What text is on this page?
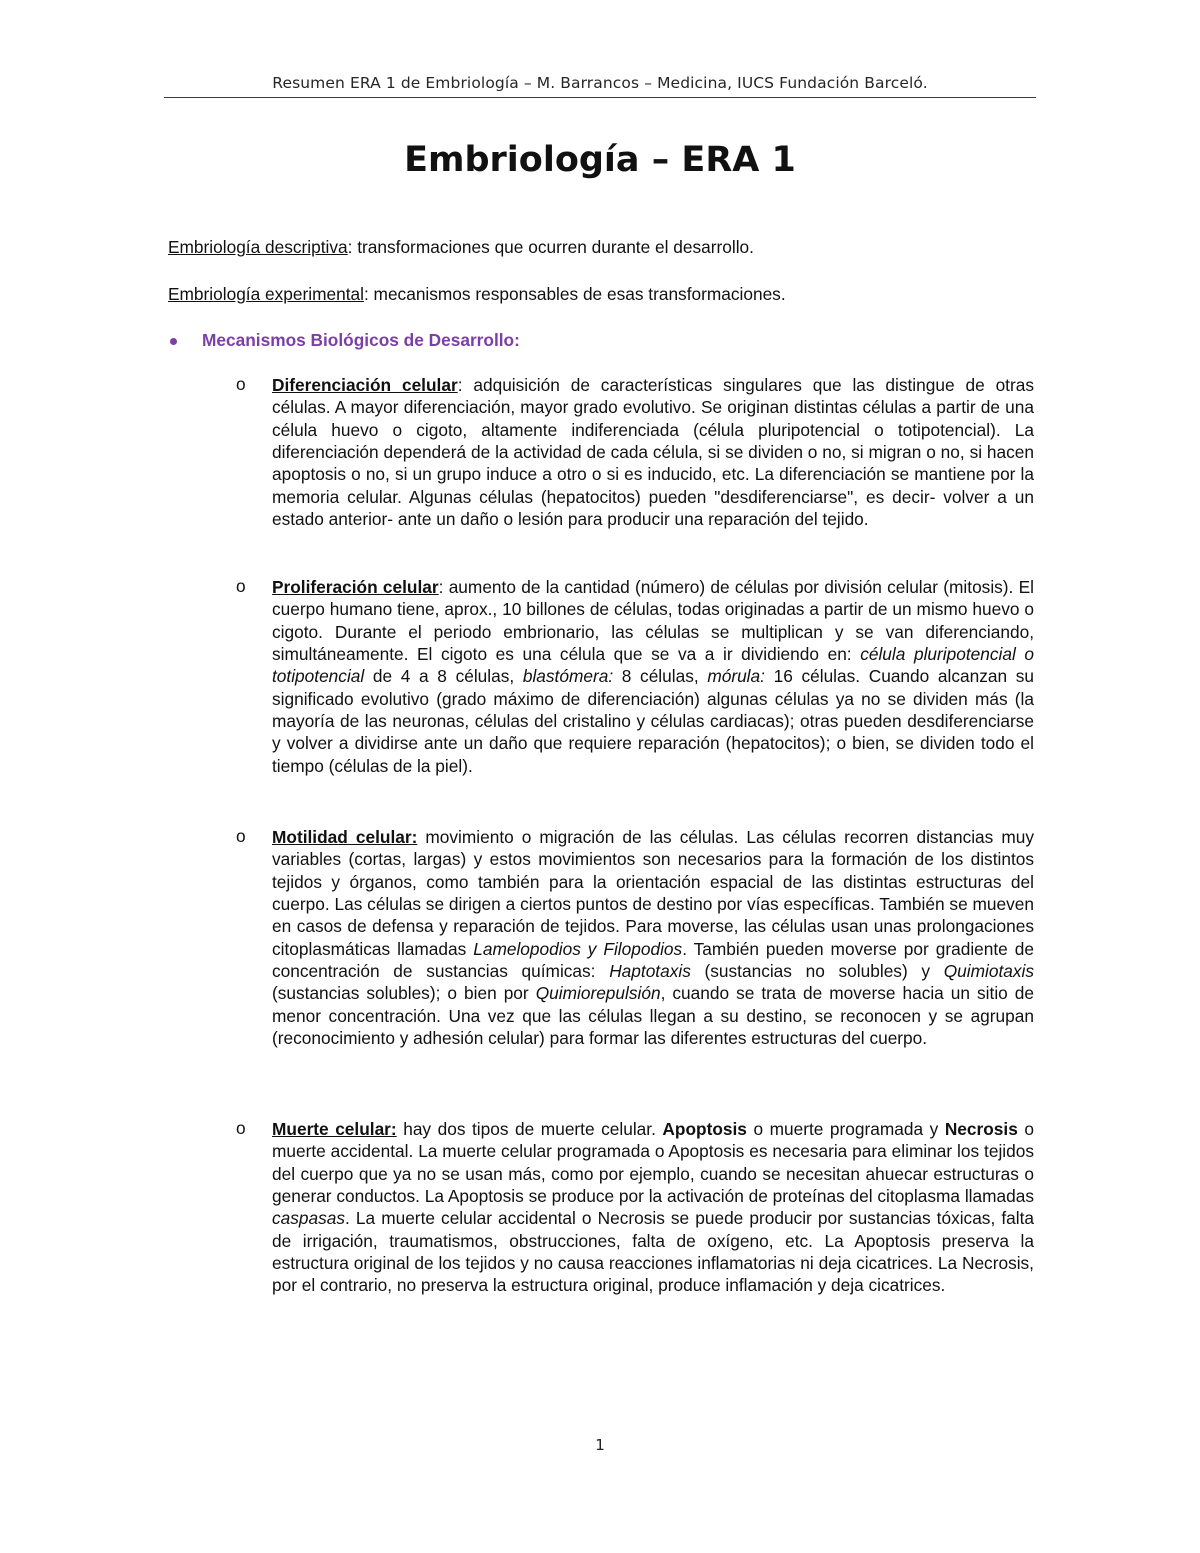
Resumen ERA 1 de Embriología – M. Barrancos – Medicina, IUCS Fundación Barceló.
Embriología – ERA 1
Embriología descriptiva: transformaciones que ocurren durante el desarrollo.
Embriología experimental: mecanismos responsables de esas transformaciones.
Mecanismos Biológicos de Desarrollo:
o Diferenciación celular: adquisición de características singulares que las distingue de otras células. A mayor diferenciación, mayor grado evolutivo. Se originan distintas células a partir de una célula huevo o cigoto, altamente indiferenciada (célula pluripotencial o totipotencial). La diferenciación dependerá de la actividad de cada célula, si se dividen o no, si migran o no, si hacen apoptosis o no, si un grupo induce a otro o si es inducido, etc. La diferenciación se mantiene por la memoria celular. Algunas células (hepatocitos) pueden "desdiferenciarse", es decir- volver a un estado anterior- ante un daño o lesión para producir una reparación del tejido.

o Proliferación celular: aumento de la cantidad (número) de células por división celular (mitosis). El cuerpo humano tiene, aprox., 10 billones de células, todas originadas a partir de un mismo huevo o cigoto. Durante el periodo embrionario, las células se multiplican y se van diferenciando, simultáneamente. El cigoto es una célula que se va a ir dividiendo en: célula pluripotencial o totipotencial de 4 a 8 células, blastómera: 8 células, mórula: 16 células. Cuando alcanzan su significado evolutivo (grado máximo de diferenciación) algunas células ya no se dividen más (la mayoría de las neuronas, células del cristalino y células cardiacas); otras pueden desdiferenciarse y volver a dividirse ante un daño que requiere reparación (hepatocitos); o bien, se dividen todo el tiempo (células de la piel).

o Motilidad celular: movimiento o migración de las células. Las células recorren distancias muy variables (cortas, largas) y estos movimientos son necesarios para la formación de los distintos tejidos y órganos, como también para la orientación espacial de las distintas estructuras del cuerpo. Las células se dirigen a ciertos puntos de destino por vías específicas. También se mueven en casos de defensa y reparación de tejidos. Para moverse, las células usan unas prolongaciones citoplasmáticas llamadas Lamelopodios y Filopodios. También pueden moverse por gradiente de concentración de sustancias químicas: Haptotaxis (sustancias no solubles) y Quimiotaxis (sustancias solubles); o bien por Quimiorepulsión, cuando se trata de moverse hacia un sitio de menor concentración. Una vez que las células llegan a su destino, se reconocen y se agrupan (reconocimiento y adhesión celular) para formar las diferentes estructuras del cuerpo.

o Muerte celular: hay dos tipos de muerte celular. Apoptosis o muerte programada y Necrosis o muerte accidental. La muerte celular programada o Apoptosis es necesaria para eliminar los tejidos del cuerpo que ya no se usan más, como por ejemplo, cuando se necesitan ahuecar estructuras o generar conductos. La Apoptosis se produce por la activación de proteínas del citoplasma llamadas caspasas. La muerte celular accidental o Necrosis se puede producir por sustancias tóxicas, falta de irrigación, traumatismos, obstrucciones, falta de oxígeno, etc. La Apoptosis preserva la estructura original de los tejidos y no causa reacciones inflamatorias ni deja cicatrices. La Necrosis, por el contrario, no preserva la estructura original, produce inflamación y deja cicatrices.

1
